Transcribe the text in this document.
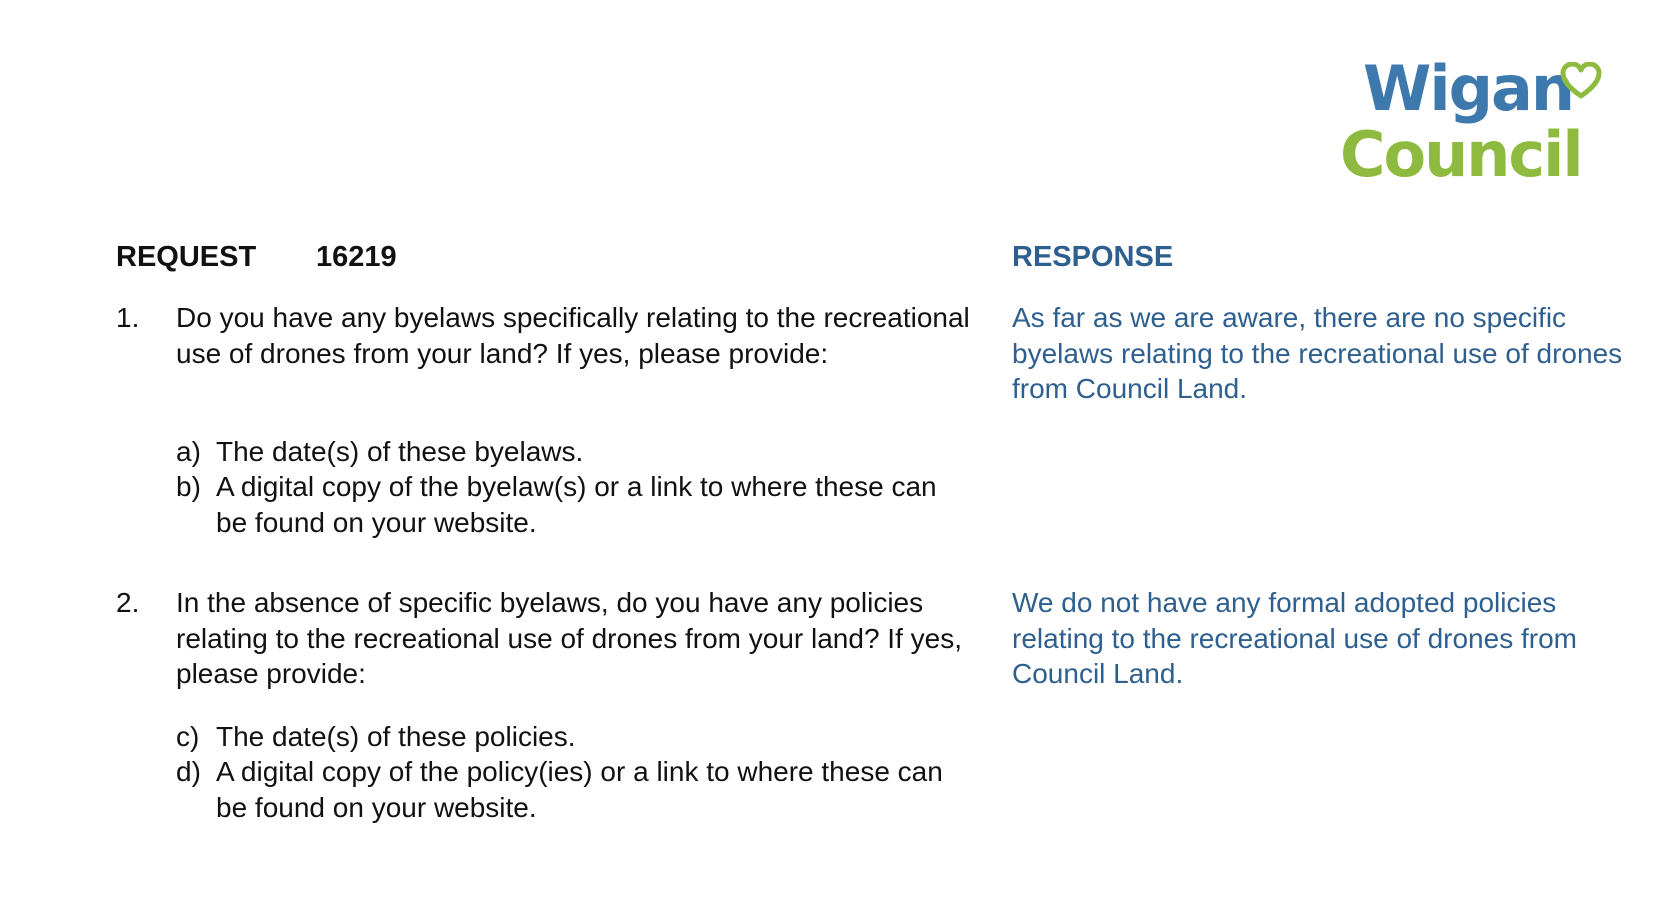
Wigan
Council
REQUEST 16219	RESPONSE
1. Do you have any byelaws specifically relating to the recreational use of drones from your land? If yes, please provide:
a) The date(s) of these byelaws.
b) A digital copy of the byelaw(s) or a link to where these can be found on your website.
As far as we are aware, there are no specific byelaws relating to the recreational use of drones from Council Land.
2. In the absence of specific byelaws, do you have any policies relating to the recreational use of drones from your land? If yes, please provide:
c) The date(s) of these policies.
d) A digital copy of the policy(ies) or a link to where these can be found on your website.
We do not have any formal adopted policies relating to the recreational use of drones from Council Land.
